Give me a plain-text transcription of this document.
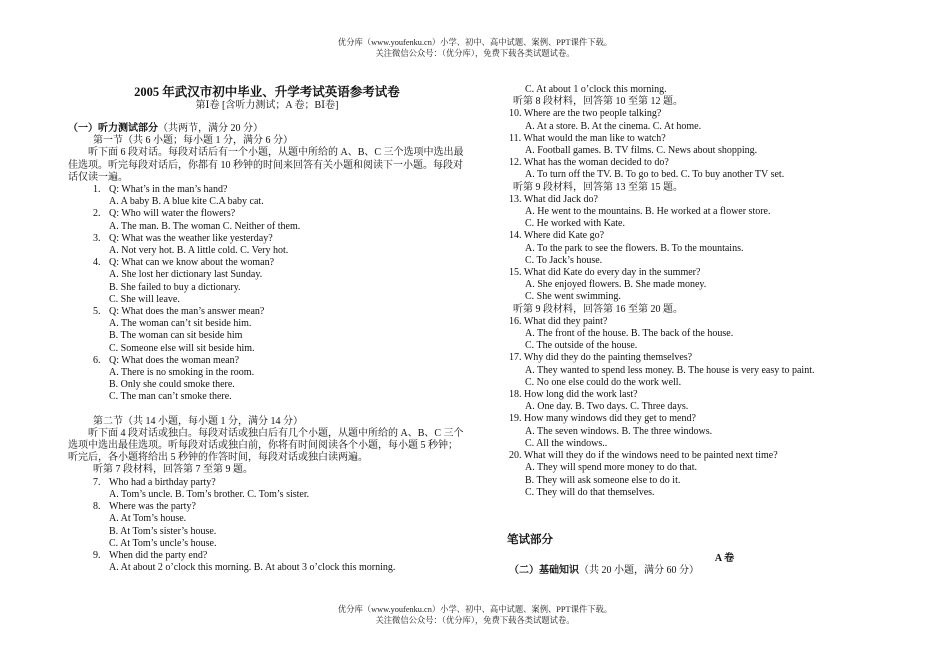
优分库（www.youfenku.cn）小学、初中、高中试题、案例、PPT课件下载。
关注微信公众号：（优分库），免费下载各类试题试卷。
2005 年武汉市初中毕业、升学考试英语参考试卷
第Ⅰ卷 [含听力测试；A 卷；BⅠ卷]
（一）听力测试部分（共两节，满分 20 分）
第一节（共 6 小题；每小题 1 分，满分 6 分）
听下面 6 段对话。每段对话后有一个小题，从题中所给的 A、B、C 三个选项中选出最佳选项。听完每段对话后，你都有 10 秒钟的时间来回答有关小题和阅读下一小题。每段对话仅读一遍。
1. Q: What’s in the man’s hand?
A. A baby B. A blue kite C.A baby cat.
2. Q: Who will water the flowers?
A. The man. B. The woman C. Neither of them.
3. Q: What was the weather like yesterday?
A. Not very hot. B. A little cold. C. Very hot.
4. Q: What can we know about the woman?
A. She lost her dictionary last Sunday.
B. She failed to buy a dictionary.
C. She will leave.
5. Q: What does the man’s answer mean?
A. The woman can’t sit beside him.
B. The woman can sit beside him
C. Someone else will sit beside him.
6. Q: What does the woman mean?
A. There is no smoking in the room.
B. Only she could smoke there.
C. The man can’t smoke there.
第二节（共 14 小题，每小题 1 分，满分 14 分）
听下面 4 段对话或独白。每段对话或独白后有几个小题，从题中所给的 A、B、C 三个选项中选出最佳选项。听每段对话或独白前，你将有时间阅读各个小题，每小题 5 秒钟；听完后，各小题将给出 5 秒钟的作答时间，每段对话或独白读两遍。
听第 7 段材料，回答第 7 至第 9 题。
7. Who had a birthday party?
A. Tom’s uncle. B. Tom’s brother. C. Tom’s sister.
8. Where was the party?
A. At Tom’s house.
B. At Tom’s sister’s house.
C. At Tom’s uncle’s house.
9. When did the party end?
A. At about 2 o’clock this morning. B. At about 3 o’clock this morning.
C. At about 1 o’clock this morning.
听第 8 段材料，回答第 10 至第 12 题。
10. Where are the two people talking?
A. At a store. B. At the cinema. C. At home.
11. What would the man like to watch?
A. Football games. B. TV films. C. News about shopping.
12. What has the woman decided to do?
A. To turn off the TV. B. To go to bed. C. To buy another TV set.
听第 9 段材料，回答第 13 至第 15 题。
13. What did Jack do?
A. He went to the mountains. B. He worked at a flower store.
C. He worked with Kate.
14. Where did Kate go?
A. To the park to see the flowers. B. To the mountains.
C. To Jack’s house.
15. What did Kate do every day in the summer?
A. She enjoyed flowers. B. She made money.
C. She went swimming.
听第 9 段材料，回答第 16 至第 20 题。
16. What did they paint?
A. The front of the house. B. The back of the house.
C. The outside of the house.
17. Why did they do the painting themselves?
A. They wanted to spend less money. B. The house is very easy to paint.
C. No one else could do the work well.
18. How long did the work last?
A. One day. B. Two days. C. Three days.
19. How many windows did they get to mend?
A. The seven windows. B. The three windows.
C. All the windows..
20. What will they do if the windows need to be painted next time?
A. They will spend more money to do that.
B. They will ask someone else to do it.
C. They will do that themselves.
笔试部分
A 卷
（二）基础知识（共 20 小题，满分 60 分）
优分库（www.youfenku.cn）小学、初中、高中试题、案例、PPT课件下载。
关注微信公众号：（优分库），免费下载各类试题试卷。
